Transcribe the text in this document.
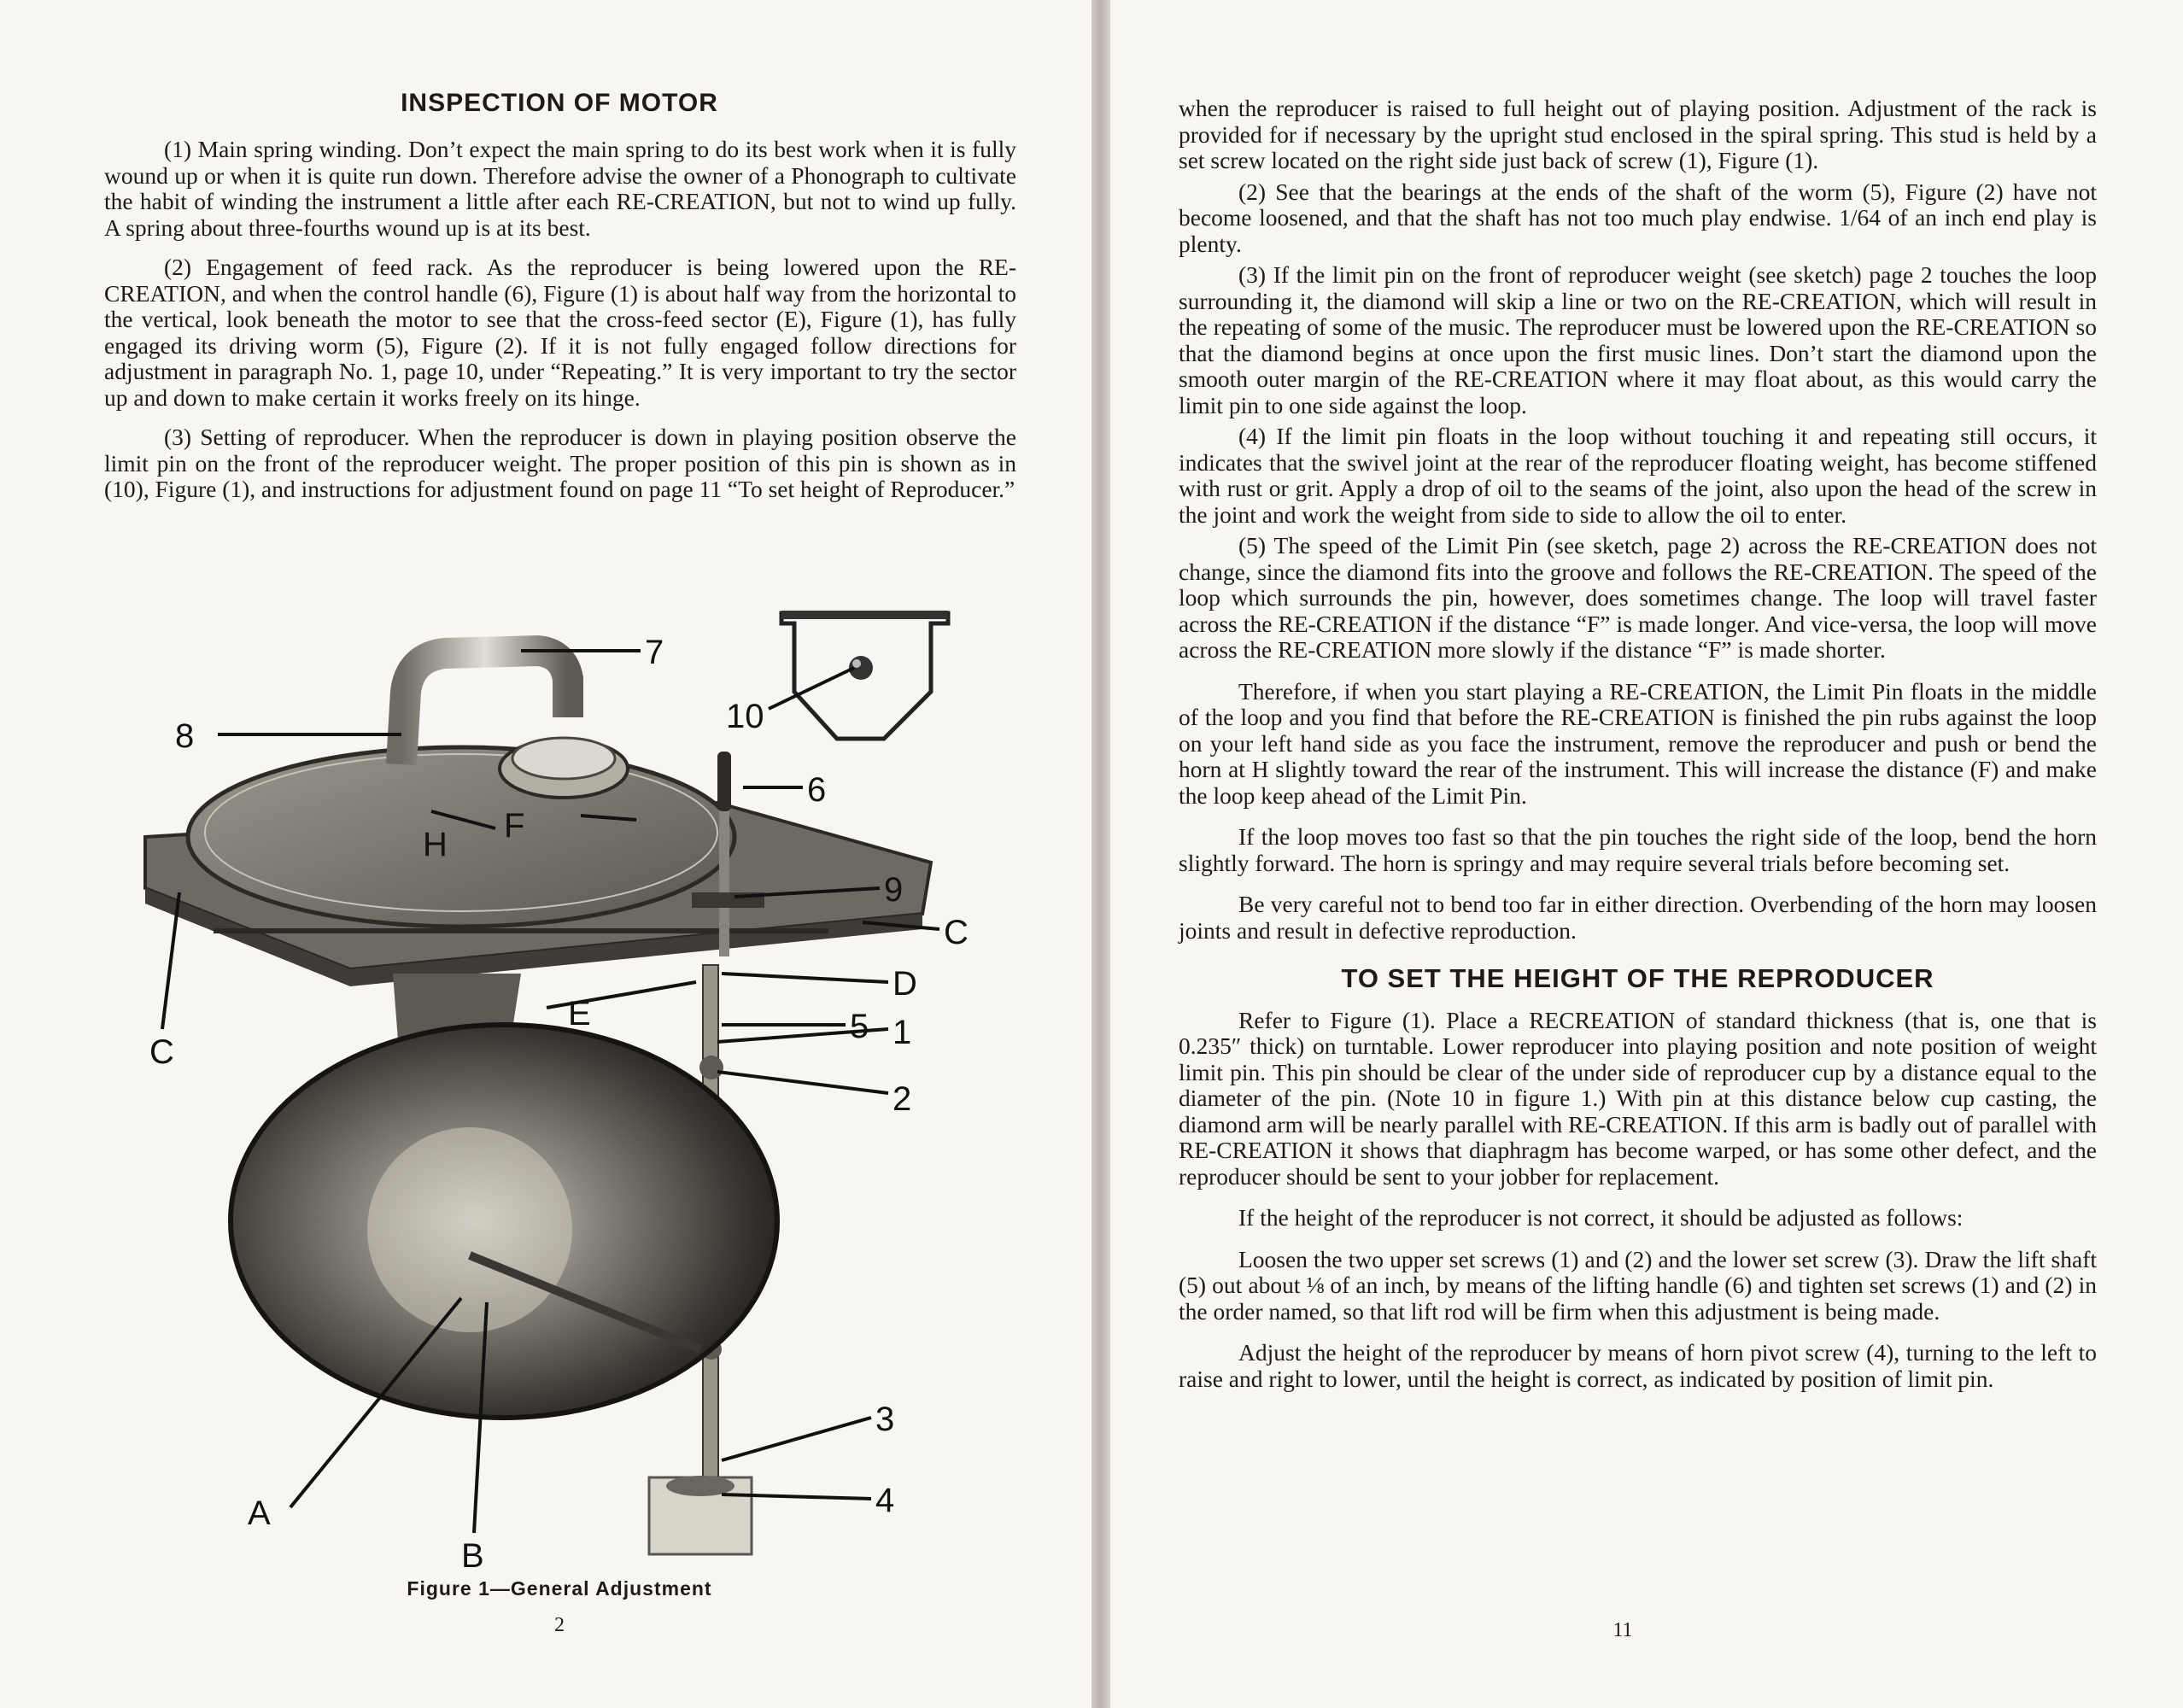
INSPECTION OF MOTOR

(1) Main spring winding. Don’t expect the main spring to do its best work when it is fully wound up or when it is quite run down. Therefore advise the owner of a Phonograph to cultivate the habit of winding the instrument a little after each RE-CREATION, but not to wind up fully. A spring about three-fourths wound up is at its best.

(2) Engagement of feed rack. As the reproducer is being lowered upon the RE-CREATION, and when the control handle (6), Figure (1) is about half way from the horizontal to the vertical, look beneath the motor to see that the cross-feed sector (E), Figure (1), has fully engaged its driving worm (5), Figure (2). If it is not fully engaged follow directions for adjustment in paragraph No. 1, page 10, under “Repeating.” It is very important to try the sector up and down to make certain it works freely on its hinge.

(3) Setting of reproducer. When the reproducer is down in playing position observe the limit pin on the front of the reproducer weight. The proper position of this pin is shown as in (10), Figure (1), and instructions for adjustment found on page 11 “To set height of Reproducer.”

7
8
10
6
H F
9
C
C
D
E	5 1
2
3
4
A
B
Figure 1—General Adjustment
2

when the reproducer is raised to full height out of playing position. Adjustment of the rack is provided for if necessary by the upright stud enclosed in the spiral spring. This stud is held by a set screw located on the right side just back of screw (1), Figure (1).

(2) See that the bearings at the ends of the shaft of the worm (5), Figure (2) have not become loosened, and that the shaft has not too much play endwise. 1/64 of an inch end play is plenty.

(3) If the limit pin on the front of reproducer weight (see sketch) page 2 touches the loop surrounding it, the diamond will skip a line or two on the RE-CREATION, which will result in the repeating of some of the music. The reproducer must be lowered upon the RE-CREATION so that the diamond begins at once upon the first music lines. Don’t start the diamond upon the smooth outer margin of the RE-CREATION where it may float about, as this would carry the limit pin to one side against the loop.

(4) If the limit pin floats in the loop without touching it and repeating still occurs, it indicates that the swivel joint at the rear of the reproducer floating weight, has become stiffened with rust or grit. Apply a drop of oil to the seams of the joint, also upon the head of the screw in the joint and work the weight from side to side to allow the oil to enter.

(5) The speed of the Limit Pin (see sketch, page 2) across the RE-CREATION does not change, since the diamond fits into the groove and follows the RE-CREATION. The speed of the loop which surrounds the pin, however, does sometimes change. The loop will travel faster across the RE-CREATION if the distance “F” is made longer. And vice-versa, the loop will move across the RE-CREATION more slowly if the distance “F” is made shorter.

Therefore, if when you start playing a RE-CREATION, the Limit Pin floats in the middle of the loop and you find that before the RE-CREATION is finished the pin rubs against the loop on your left hand side as you face the instrument, remove the reproducer and push or bend the horn at H slightly toward the rear of the instrument. This will increase the distance (F) and make the loop keep ahead of the Limit Pin.

If the loop moves too fast so that the pin touches the right side of the loop, bend the horn slightly forward. The horn is springy and may require several trials before becoming set.

Be very careful not to bend too far in either direction. Overbending of the horn may loosen joints and result in defective reproduction.

TO SET THE HEIGHT OF THE REPRODUCER

Refer to Figure (1). Place a RECREATION of standard thickness (that is, one that is 0.235″ thick) on turntable. Lower reproducer into playing position and note position of weight limit pin. This pin should be clear of the under side of reproducer cup by a distance equal to the diameter of the pin. (Note 10 in figure 1.) With pin at this distance below cup casting, the diamond arm will be nearly parallel with RE-CREATION. If this arm is badly out of parallel with RE-CREATION it shows that diaphragm has become warped, or has some other defect, and the reproducer should be sent to your jobber for replacement.

If the height of the reproducer is not correct, it should be adjusted as follows:

Loosen the two upper set screws (1) and (2) and the lower set screw (3). Draw the lift shaft (5) out about ⅛ of an inch, by means of the lifting handle (6) and tighten set screws (1) and (2) in the order named, so that lift rod will be firm when this adjustment is being made.

Adjust the height of the reproducer by means of horn pivot screw (4), turning to the left to raise and right to lower, until the height is correct, as indicated by position of limit pin.

11
